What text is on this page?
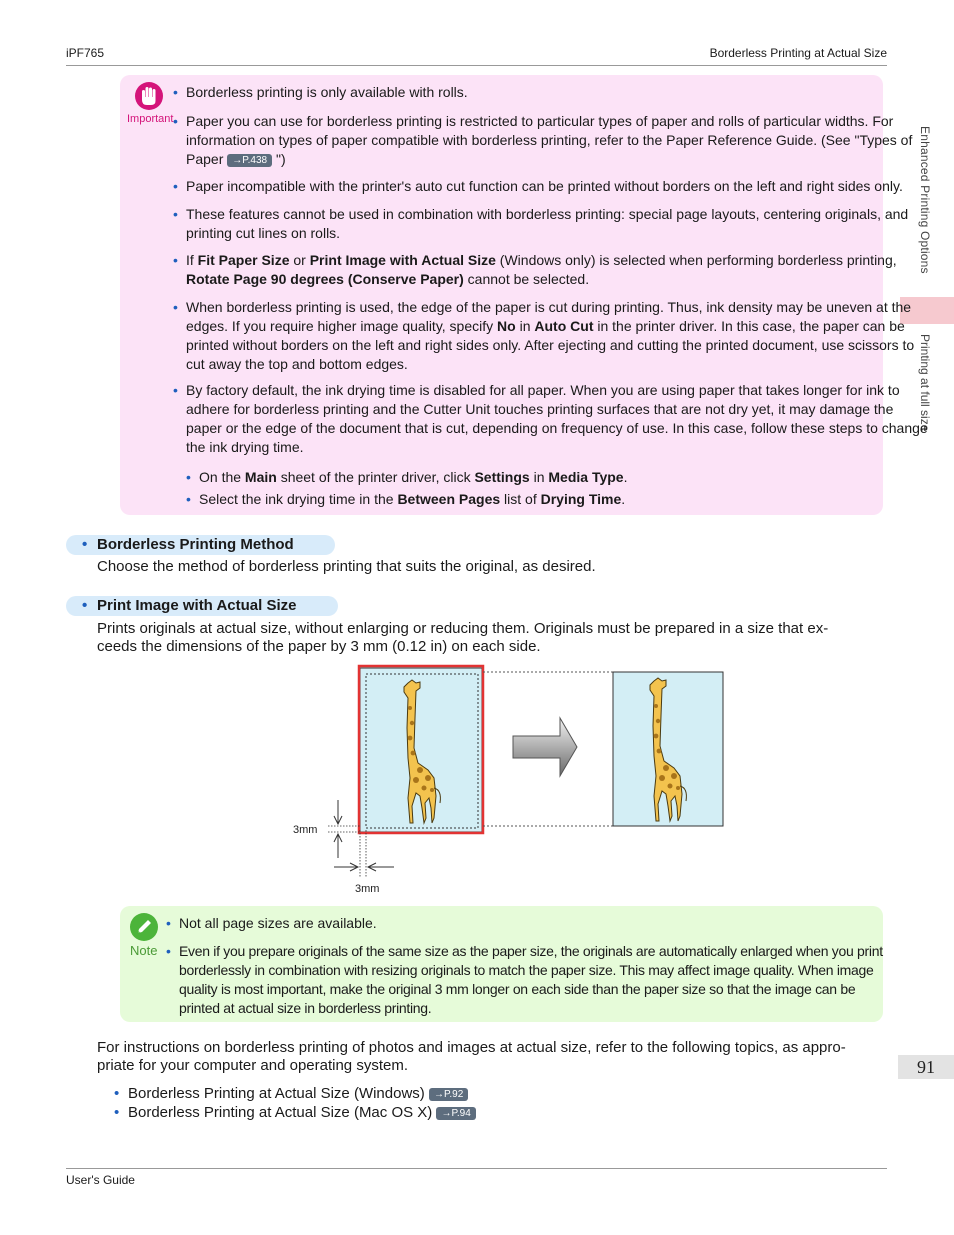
iPF765	Borderless Printing at Actual Size
User's Guide
Enhanced Printing Options
Printing at full size
91
Important
• Borderless printing is only available with rolls.
• Paper you can use for borderless printing is restricted to particular types of paper and rolls of particular widths. For
information on types of paper compatible with borderless printing, refer to the Paper Reference Guide. (See "Types of
Paper →P.438 ")
• Paper incompatible with the printer's auto cut function can be printed without borders on the left and right sides only.
• These features cannot be used in combination with borderless printing: special page layouts, centering originals, and
printing cut lines on rolls.
• If Fit Paper Size or Print Image with Actual Size (Windows only) is selected when performing borderless printing,
Rotate Page 90 degrees (Conserve Paper) cannot be selected.
• When borderless printing is used, the edge of the paper is cut during printing. Thus, ink density may be uneven at the
edges. If you require higher image quality, specify No in Auto Cut in the printer driver. In this case, the paper can be
printed without borders on the left and right sides only. After ejecting and cutting the printed document, use scissors to
cut away the top and bottom edges.
• By factory default, the ink drying time is disabled for all paper. When you are using paper that takes longer for ink to
adhere for borderless printing and the Cutter Unit touches printing surfaces that are not dry yet, it may damage the
paper or the edge of the document that is cut, depending on frequency of use. In this case, follow these steps to change
the ink drying time.
• On the Main sheet of the printer driver, click Settings in Media Type.
• Select the ink drying time in the Between Pages list of Drying Time.
• Borderless Printing Method
Choose the method of borderless printing that suits the original, as desired.
• Print Image with Actual Size
Prints originals at actual size, without enlarging or reducing them. Originals must be prepared in a size that ex-
ceeds the dimensions of the paper by 3 mm (0.12 in) on each side.
3mm
3mm
Note
• Not all page sizes are available.
• Even if you prepare originals of the same size as the paper size, the originals are automatically enlarged when you print
borderlessly in combination with resizing originals to match the paper size. This may affect image quality. When image
quality is most important, make the original 3 mm longer on each side than the paper size so that the image can be
printed at actual size in borderless printing.
For instructions on borderless printing of photos and images at actual size, refer to the following topics, as appro-
priate for your computer and operating system.
• Borderless Printing at Actual Size (Windows) →P.92
• Borderless Printing at Actual Size (Mac OS X) →P.94
